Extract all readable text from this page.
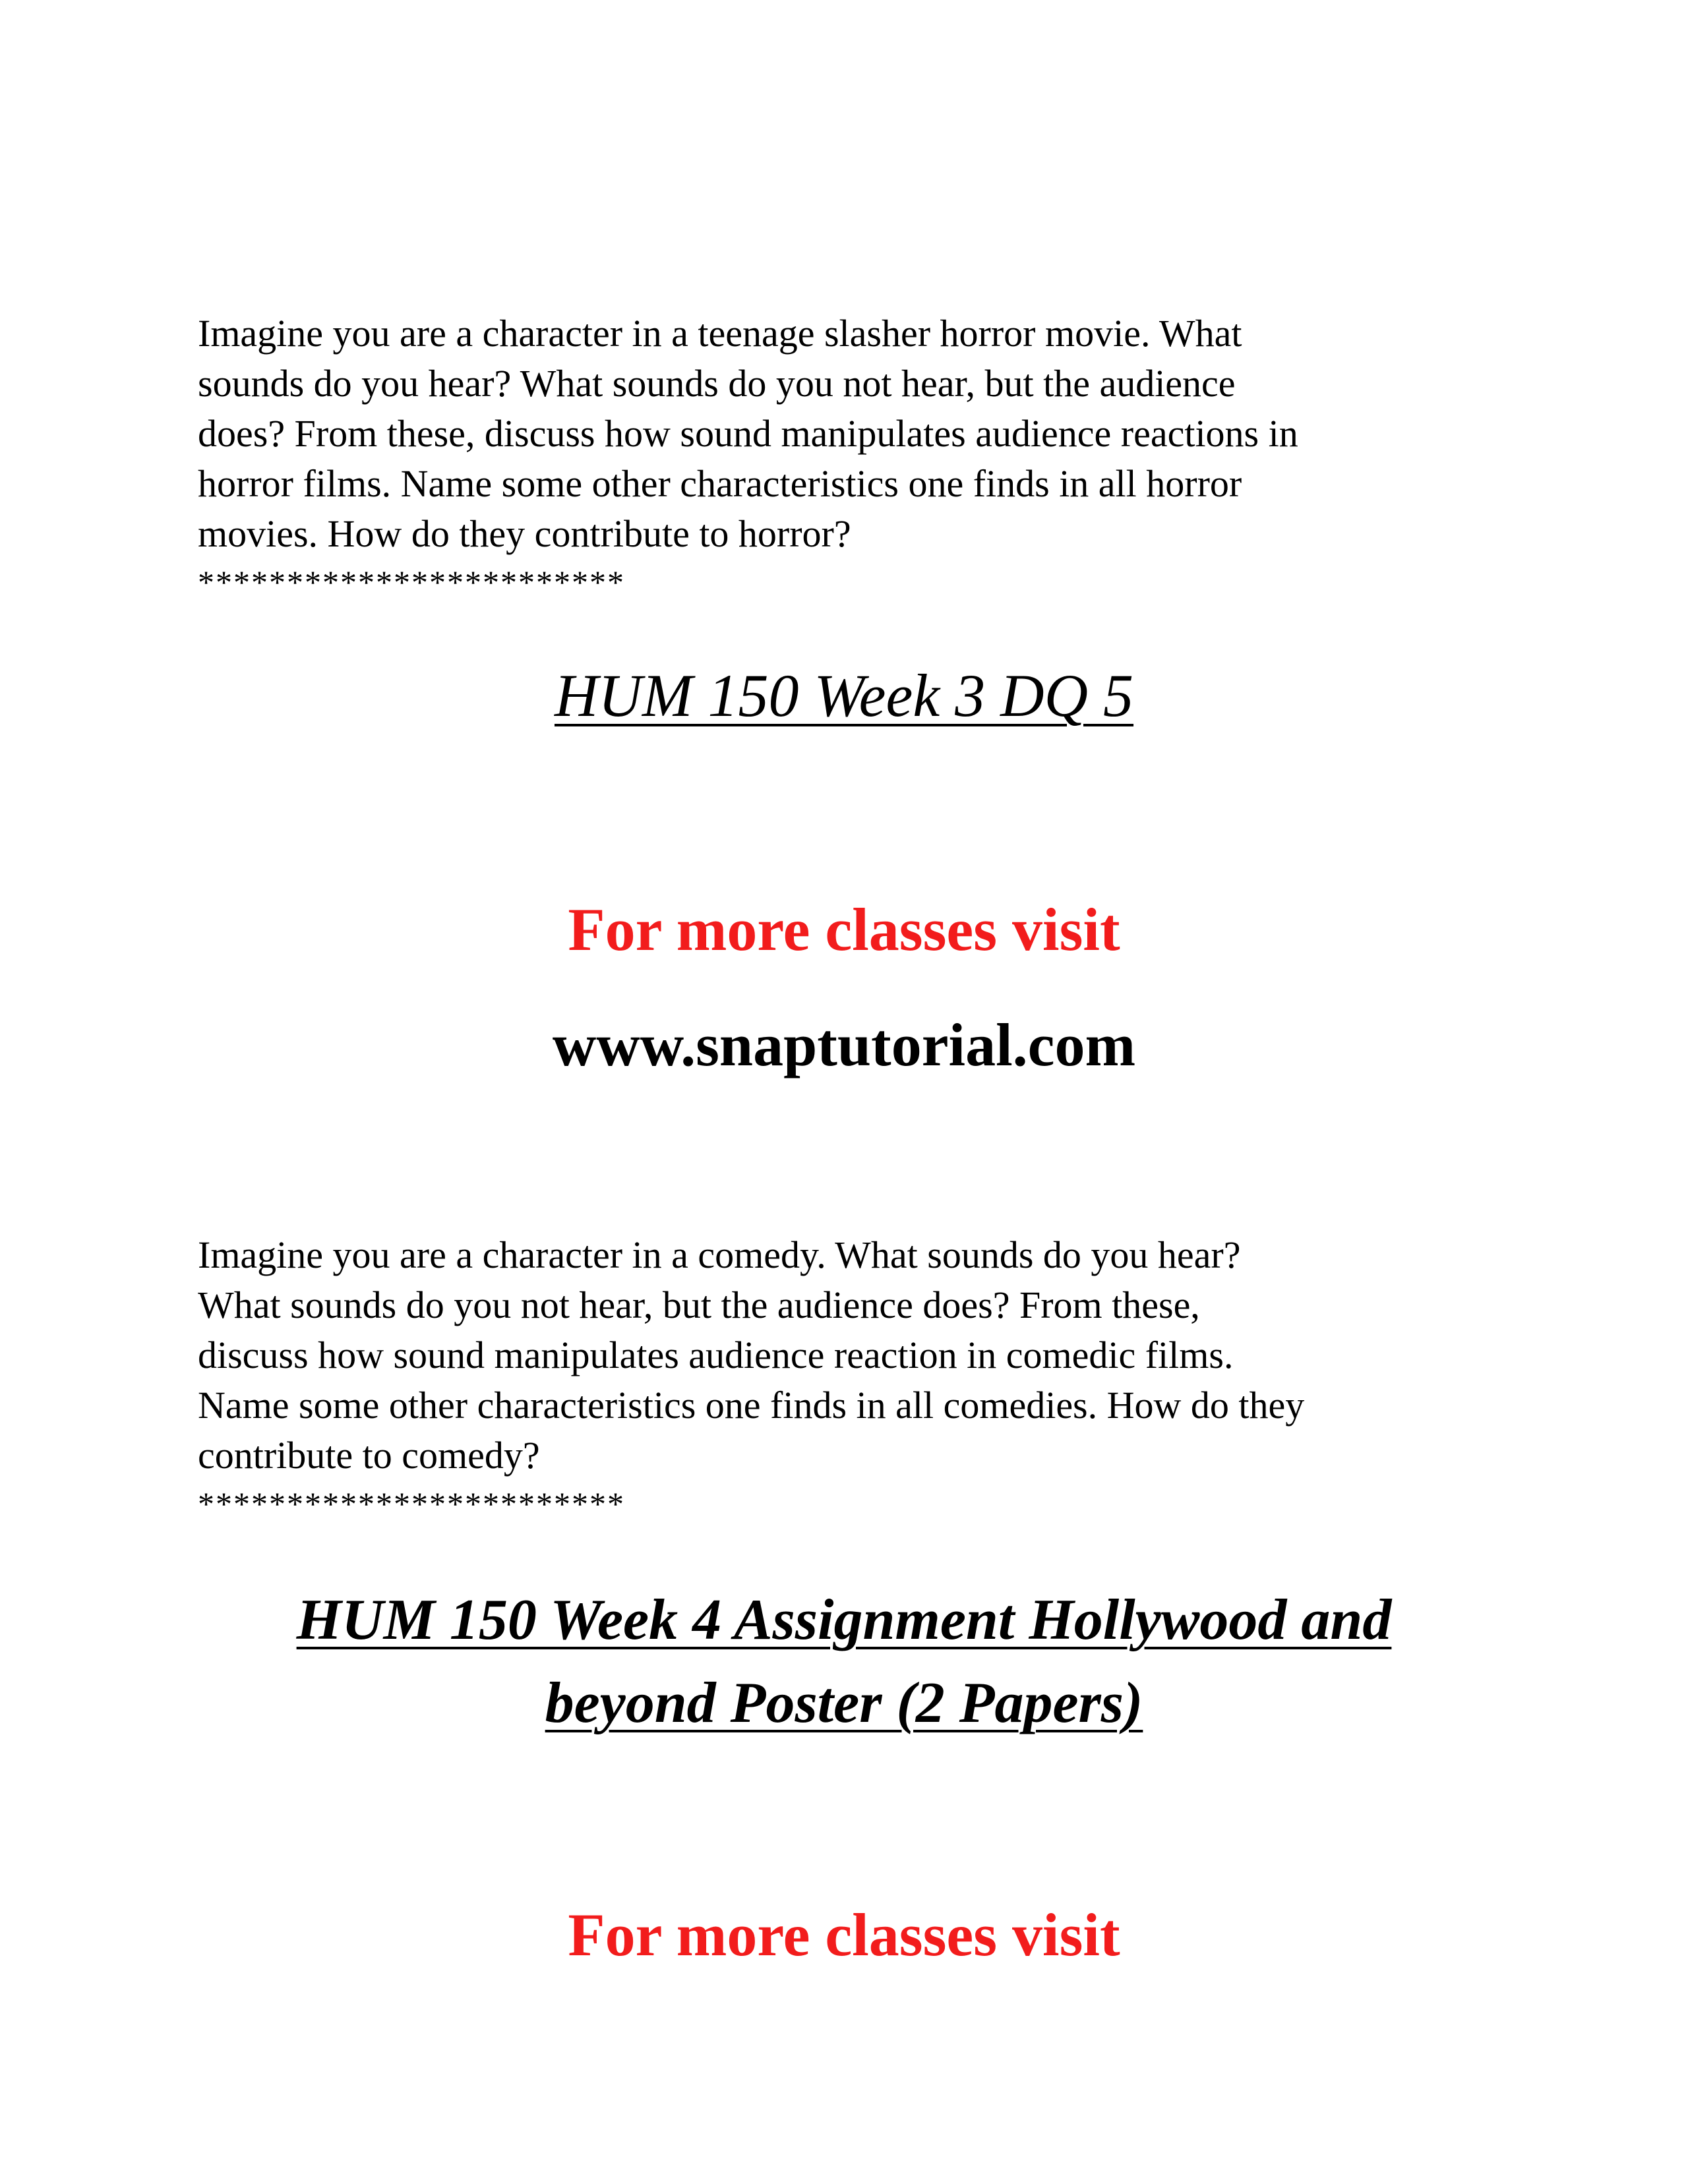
Imagine you are a character in a teenage slasher horror movie. What
sounds do you hear? What sounds do you not hear, but the audience
does? From these, discuss how sound manipulates audience reactions in
horror films. Name some other characteristics one finds in all horror
movies. How do they contribute to horror?

************************

HUM 150 Week 3 DQ 5

For more classes visit

www.snaptutorial.com

Imagine you are a character in a comedy. What sounds do you hear?
What sounds do you not hear, but the audience does? From these,
discuss how sound manipulates audience reaction in comedic films.
Name some other characteristics one finds in all comedies. How do they
contribute to comedy?

************************

HUM 150 Week 4 Assignment Hollywood and
beyond Poster (2 Papers)

For more classes visit
